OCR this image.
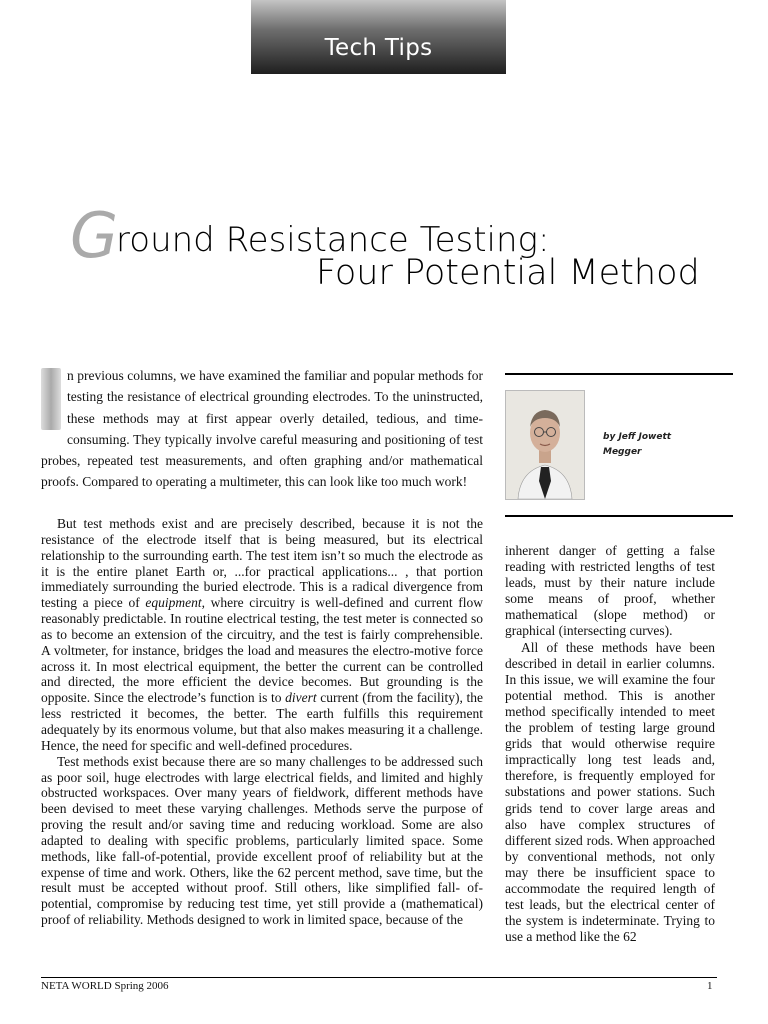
Tech Tips
Ground Resistance Testing:
Four Potential Method
n previous columns, we have examined the familiar and popular methods for testing the resistance of electrical grounding electrodes. To the uninstructed, these methods may at first appear overly detailed, tedious, and time-consuming. They typically involve careful measuring and positioning of test probes, repeated test measurements, and often graphing and/or mathematical proofs. Compared to operating a multimeter, this can look like too much work!

But test methods exist and are precisely described, because it is not the resistance of the electrode itself that is being measured, but its electrical relationship to the surrounding earth. The test item isn’t so much the electrode as it is the entire planet Earth or, ...for practical applications... , that portion immediately surrounding the buried electrode. This is a radical divergence from testing a piece of equipment, where circuitry is well-defined and current flow reasonably predictable. In routine electrical testing, the test meter is connected so as to become an extension of the circuitry, and the test is fairly comprehensible. A voltmeter, for instance, bridges the load and measures the electro-motive force across it. In most electrical equipment, the better the current can be controlled and directed, the more efficient the device becomes. But grounding is the opposite. Since the electrode’s function is to divert current (from the facility), the less restricted it becomes, the better. The earth fulfills this requirement adequately by its enormous volume, but that also makes measuring it a challenge. Hence, the need for specific and well-defined procedures.

Test methods exist because there are so many challenges to be addressed such as poor soil, huge electrodes with large electrical fields, and limited and highly obstructed workspaces. Over many years of fieldwork, different methods have been devised to meet these varying challenges. Methods serve the purpose of proving the result and/or saving time and reducing workload. Some are also adapted to dealing with specific problems, particularly limited space. Some methods, like fall-of-potential, provide excellent proof of reliability but at the expense of time and work. Others, like the 62 percent method, save time, but the result must be accepted without proof. Still others, like simplified fall- of-potential, compromise by reducing test time, yet still provide a (mathematical) proof of reliability. Methods designed to work in limited space, because of the

by Jeff Jowett
Megger

inherent danger of getting a false reading with restricted lengths of test leads, must by their nature include some means of proof, whether mathematical (slope method) or graphical (intersecting curves).

All of these methods have been described in detail in earlier columns. In this issue, we will examine the four potential method. This is another method specifically intended to meet the problem of testing large ground grids that would otherwise require impractically long test leads and, therefore, is frequently employed for substations and power stations. Such grids tend to cover large areas and also have complex structures of different sized rods. When approached by conventional methods, not only may there be insufficient space to accommodate the required length of test leads, but the electrical center of the system is indeterminate. Trying to use a method like the 62

NETA WORLD Spring 2006	1
